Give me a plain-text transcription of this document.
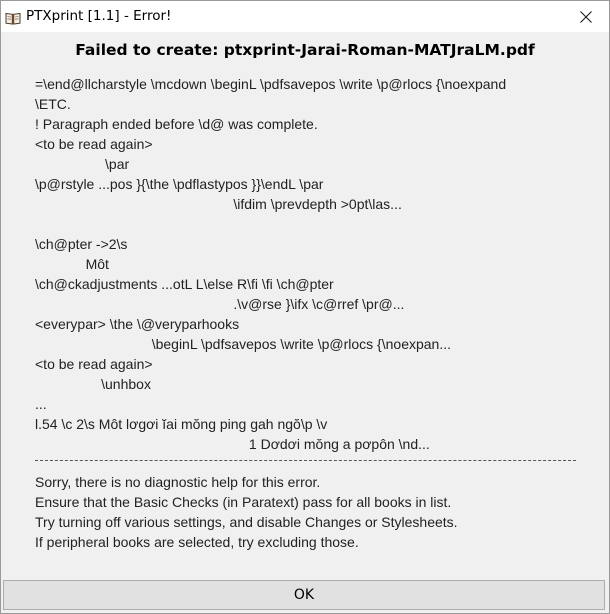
PTXprint [1.1] - Error!
Failed to create: ptxprint-Jarai-Roman-MATJraLM.pdf
=\end@llcharstyle \mcdown \beginL \pdfsavepos \write \p@rlocs {\noexpand
\ETC.
! Paragraph ended before \d@ was complete.
<to be read again>
\par
\p@rstyle ...pos }{\the \pdflastypos }}\endL \par
\ifdim \prevdepth >0pt\las...
\ch@pter ->2\s
Môt
\ch@ckadjustments ...otL L\else R\fi \fi \ch@pter
.\v@rse }\ifx \c@rref \pr@...
<everypar> \the \@veryparhooks
\beginL \pdfsavepos \write \p@rlocs {\noexpan...
<to be read again>
\unhbox
...
l.54 \c 2\s Môt lơgơi ĭai mŏng ping gah ngŏ\p \v
1 Dơdơi mŏng a pơpôn \nd...
Sorry, there is no diagnostic help for this error.
Ensure that the Basic Checks (in Paratext) pass for all books in list.
Try turning off various settings, and disable Changes or Stylesheets.
If peripheral books are selected, try excluding those.
OK
